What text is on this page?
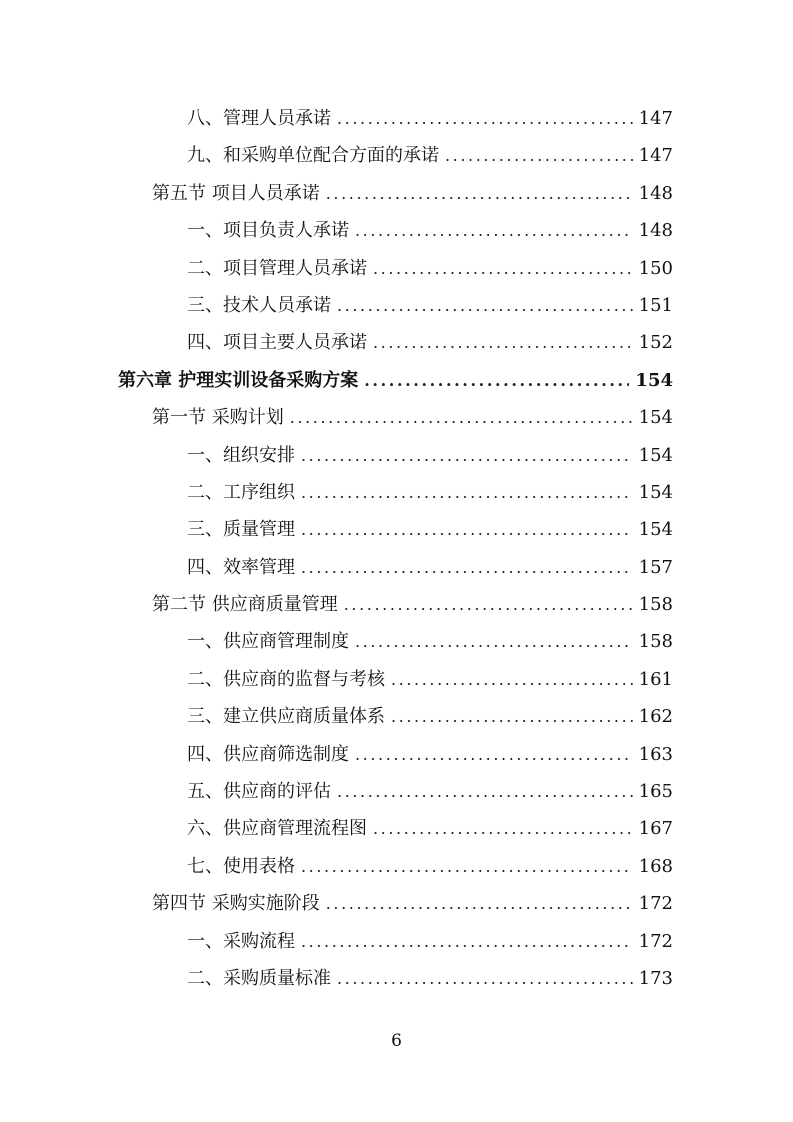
八、管理人员承诺 .....	147
九、和采购单位配合方面的承诺 .....	147
第五节 项目人员承诺 .....	148
一、项目负责人承诺 .....	148
二、项目管理人员承诺 .....	150
三、技术人员承诺 .....	151
四、项目主要人员承诺 .....	152
第六章 护理实训设备采购方案 .....	154
第一节 采购计划 .....	154
一、组织安排 .....	154
二、工序组织 .....	154
三、质量管理 .....	154
四、效率管理 .....	157
第二节 供应商质量管理 .....	158
一、供应商管理制度 .....	158
二、供应商的监督与考核 .....	161
三、建立供应商质量体系 .....	162
四、供应商筛选制度 .....	163
五、供应商的评估 .....	165
六、供应商管理流程图 .....	167
七、使用表格 .....	168
第四节 采购实施阶段 .....	172
一、采购流程 .....	172
二、采购质量标准 .....	173
6
